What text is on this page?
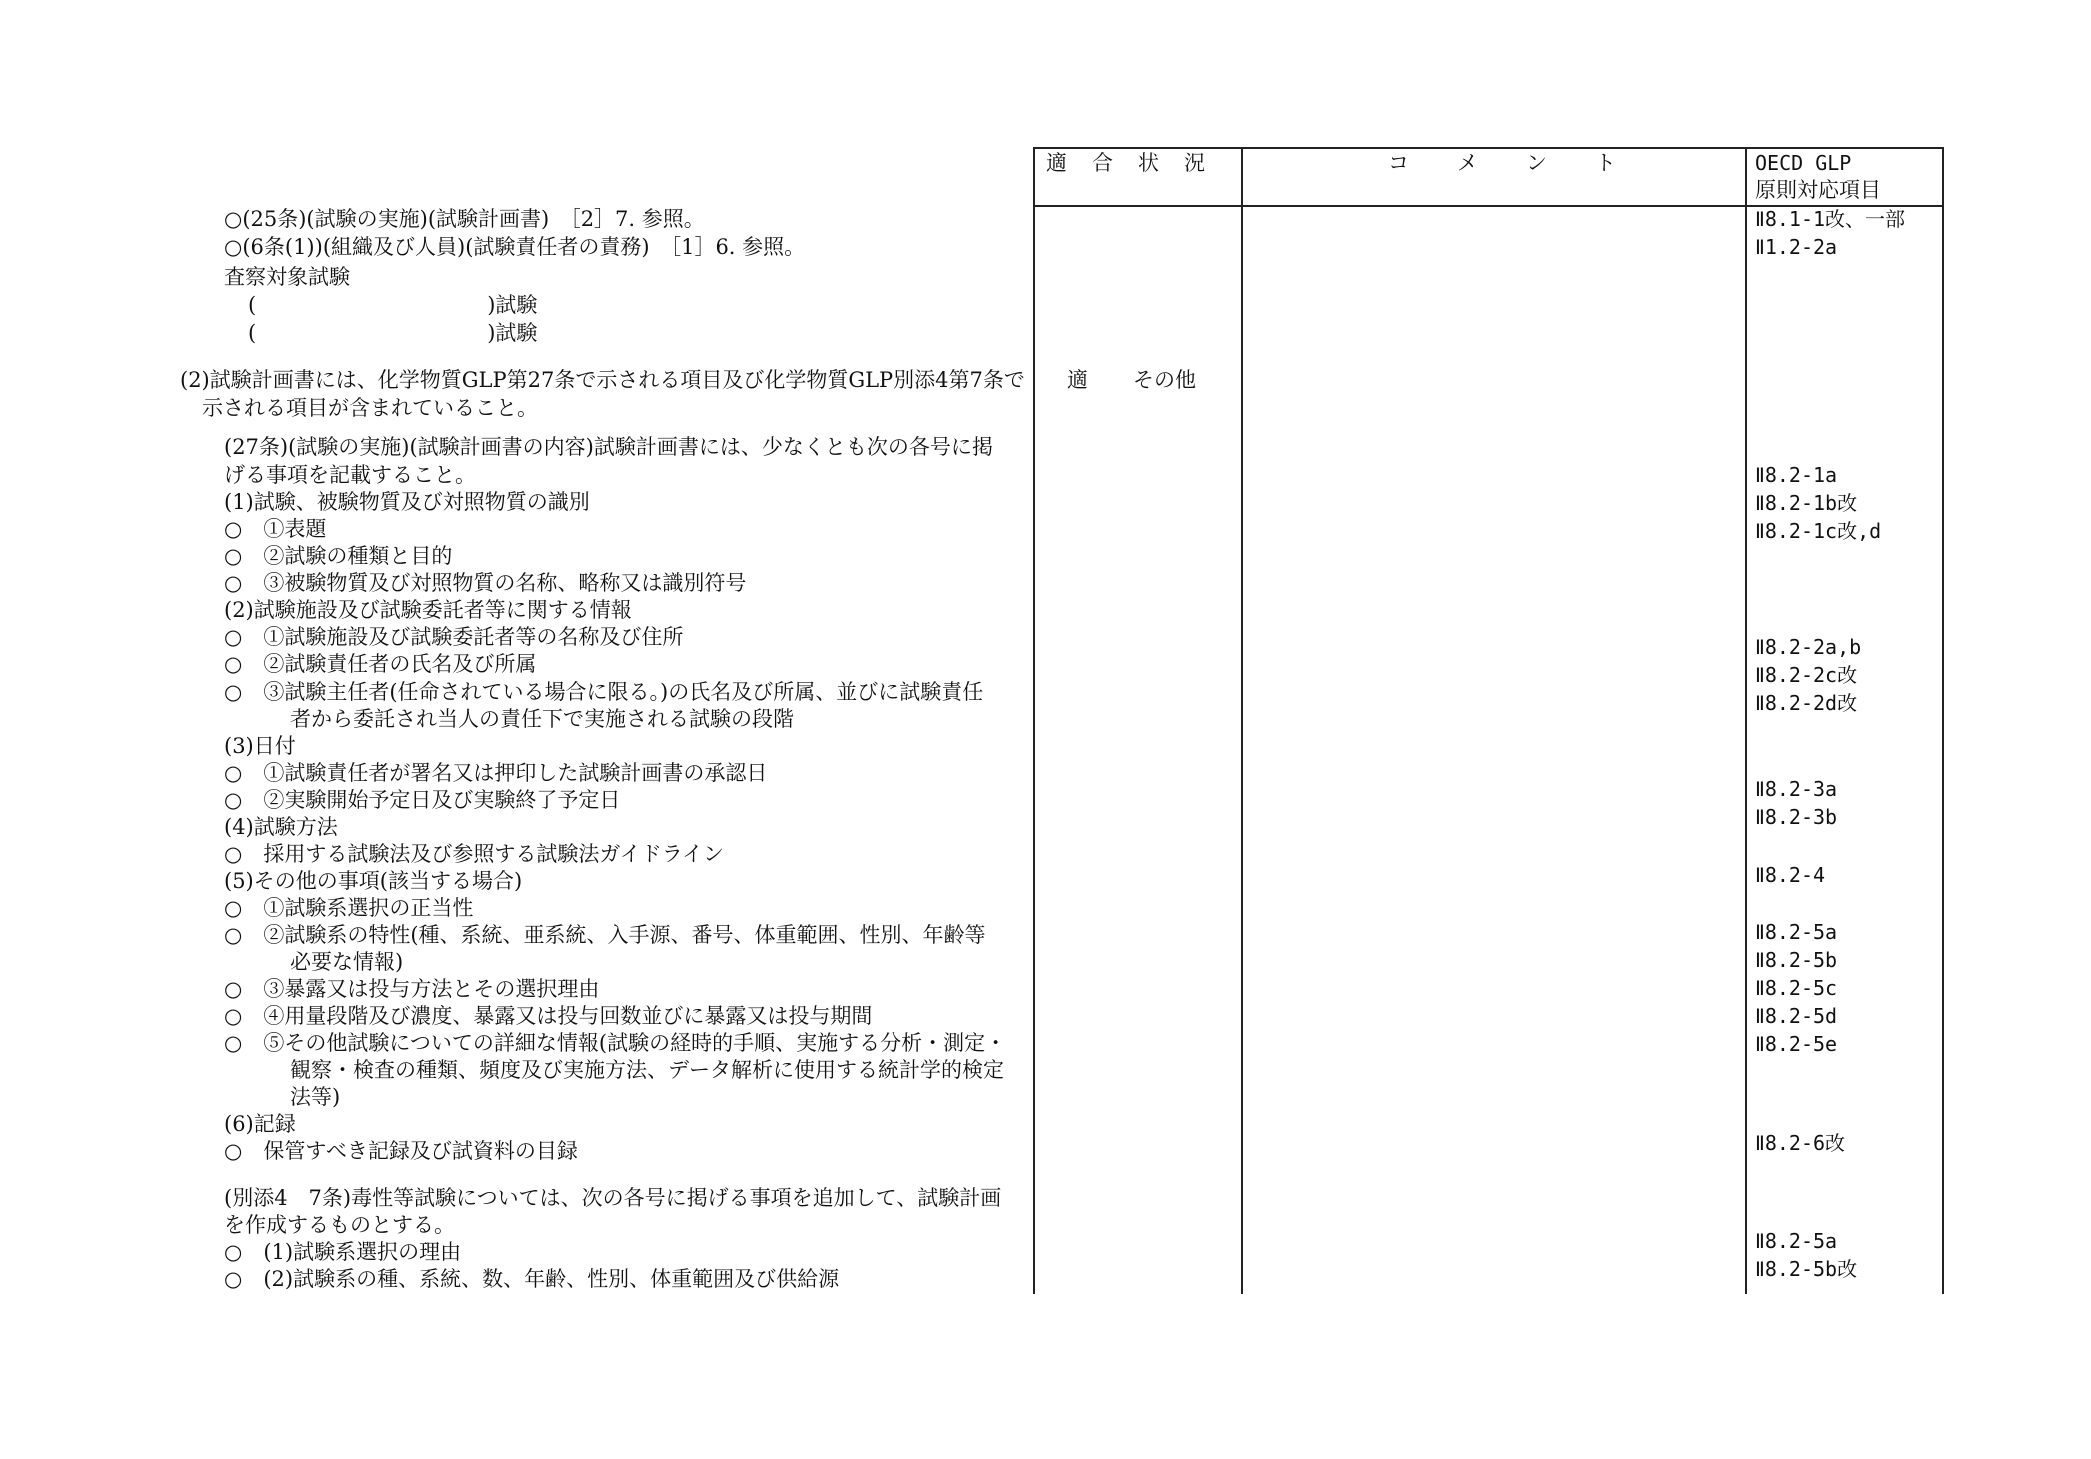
適　合　状　況	コ　　メ　　ン　　ト	OECD GLP
原則対応項目
○(25条)(試験の実施)(試験計画書)　［2］7. 参照。
○(6条(1))(組織及び人員)(試験責任者の責務)　［1］6. 参照。
査察対象試験
(　　　　　　　　　　　)試験
(　　　　　　　　　　　)試験
(2)試験計画書には、化学物質GLP第27条で示される項目及び化学物質GLP別添4第7条で
示される項目が含まれていること。
(27条)(試験の実施)(試験計画書の内容)試験計画書には、少なくとも次の各号に掲
げる事項を記載すること。
(1)試験、被験物質及び対照物質の識別
○　①表題
○　②試験の種類と目的
○　③被験物質及び対照物質の名称、略称又は識別符号
(2)試験施設及び試験委託者等に関する情報
○　①試験施設及び試験委託者等の名称及び住所
○　②試験責任者の氏名及び所属
○　③試験主任者(任命されている場合に限る。)の氏名及び所属、並びに試験責任
者から委託され当人の責任下で実施される試験の段階
(3)日付
○　①試験責任者が署名又は押印した試験計画書の承認日
○　②実験開始予定日及び実験終了予定日
(4)試験方法
○　採用する試験法及び参照する試験法ガイドライン
(5)その他の事項(該当する場合)
○　①試験系選択の正当性
○　②試験系の特性(種、系統、亜系統、入手源、番号、体重範囲、性別、年齢等
必要な情報)
○　③暴露又は投与方法とその選択理由
○　④用量段階及び濃度、暴露又は投与回数並びに暴露又は投与期間
○　⑤その他試験についての詳細な情報(試験の経時的手順、実施する分析・測定・
観察・検査の種類、頻度及び実施方法、データ解析に使用する統計学的検定
法等)
(6)記録
○　保管すべき記録及び試資料の目録
(別添4　7条)毒性等試験については、次の各号に掲げる事項を追加して、試験計画
を作成するものとする。
○　(1)試験系選択の理由
○　(2)試験系の種、系統、数、年齢、性別、体重範囲及び供給源
適 その他
Ⅱ8.1-1改、一部
Ⅱ1.2-2a
Ⅱ8.2-1a
Ⅱ8.2-1b改
Ⅱ8.2-1c改,d
Ⅱ8.2-2a,b
Ⅱ8.2-2c改
Ⅱ8.2-2d改
Ⅱ8.2-3a
Ⅱ8.2-3b
Ⅱ8.2-4
Ⅱ8.2-5a
Ⅱ8.2-5b
Ⅱ8.2-5c
Ⅱ8.2-5d
Ⅱ8.2-5e
Ⅱ8.2-6改
Ⅱ8.2-5a
Ⅱ8.2-5b改
